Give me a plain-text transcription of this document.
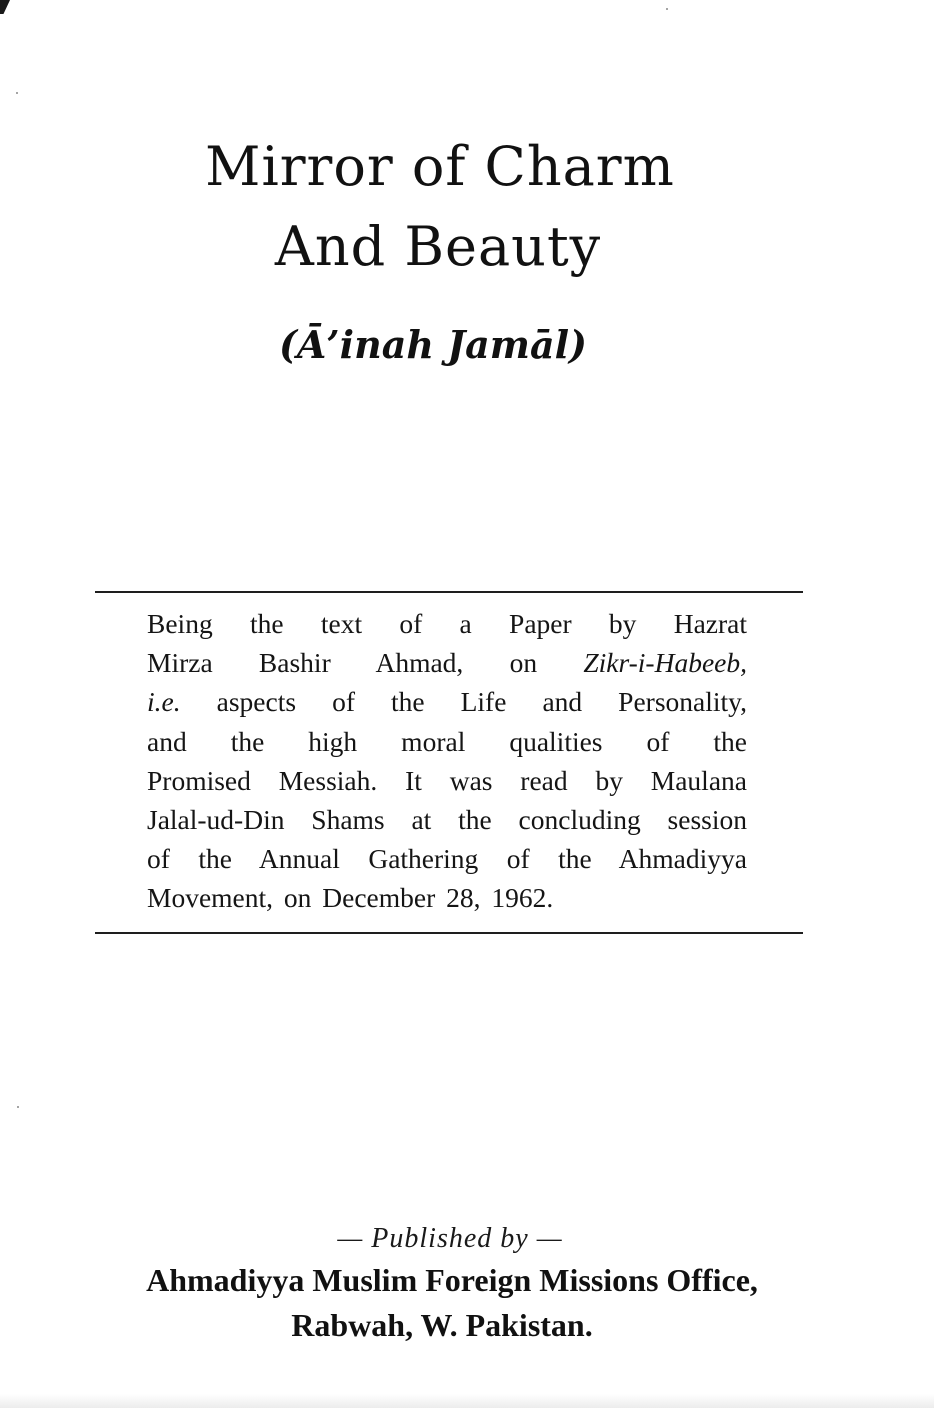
Mirror of Charm
And Beauty
(Ā’inah Jamāl)
Being the text of a Paper by Hazrat
Mirza Bashir Ahmad, on Zikr-i-Habeeb,
i.e. aspects of the Life and Personality,
and the high moral qualities of the
Promised Messiah. It was read by Maulana
Jalal-ud-Din Shams at the concluding session
of the Annual Gathering of the Ahmadiyya
Movement, on December 28, 1962.
— Published by —
Ahmadiyya Muslim Foreign Missions Office,
Rabwah, W. Pakistan.
